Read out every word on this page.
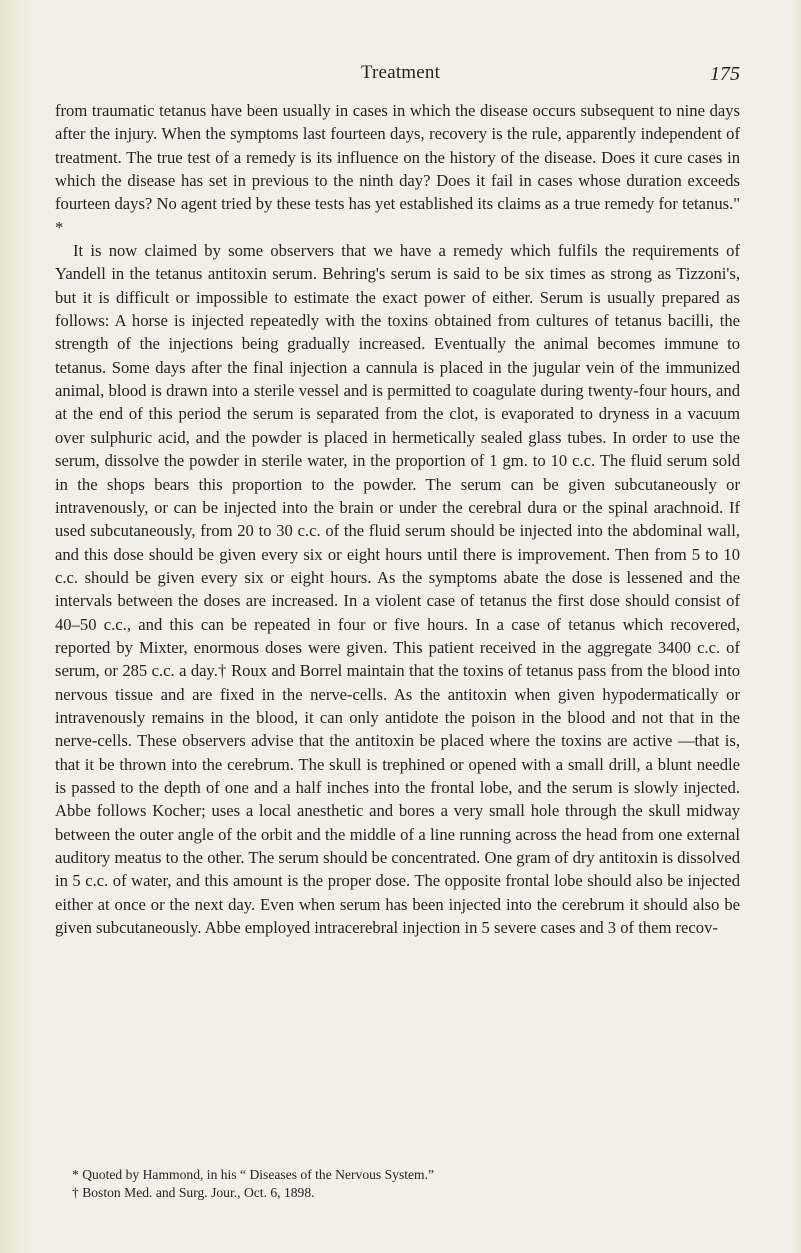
Treatment	175

from traumatic tetanus have been usually in cases in which the disease occurs subsequent to nine days after the injury. When the symptoms last fourteen days, recovery is the rule, apparently independent of treatment. The true test of a remedy is its influence on the history of the disease. Does it cure cases in which the disease has set in previous to the ninth day? Does it fail in cases whose duration exceeds fourteen days? No agent tried by these tests has yet established its claims as a true remedy for tetanus." *

It is now claimed by some observers that we have a remedy which fulfils the requirements of Yandell in the tetanus antitoxin serum. Behring's serum is said to be six times as strong as Tizzoni's, but it is difficult or impossible to estimate the exact power of either. Serum is usually prepared as follows: A horse is injected repeatedly with the toxins obtained from cultures of tetanus bacilli, the strength of the injections being gradually increased. Eventually the animal becomes immune to tetanus. Some days after the final injection a cannula is placed in the jugular vein of the immunized animal, blood is drawn into a sterile vessel and is permitted to coagulate during twenty-four hours, and at the end of this period the serum is separated from the clot, is evaporated to dryness in a vacuum over sulphuric acid, and the powder is placed in hermetically sealed glass tubes. In order to use the serum, dissolve the powder in sterile water, in the proportion of 1 gm. to 10 c.c. The fluid serum sold in the shops bears this proportion to the powder. The serum can be given subcutaneously or intravenously, or can be injected into the brain or under the cerebral dura or the spinal arachnoid. If used subcutaneously, from 20 to 30 c.c. of the fluid serum should be injected into the abdominal wall, and this dose should be given every six or eight hours until there is improvement. Then from 5 to 10 c.c. should be given every six or eight hours. As the symptoms abate the dose is lessened and the intervals between the doses are increased. In a violent case of tetanus the first dose should consist of 40–50 c.c., and this can be repeated in four or five hours. In a case of tetanus which recovered, reported by Mixter, enormous doses were given. This patient received in the aggregate 3400 c.c. of serum, or 285 c.c. a day.† Roux and Borrel maintain that the toxins of tetanus pass from the blood into nervous tissue and are fixed in the nerve-cells. As the antitoxin when given hypodermatically or intravenously remains in the blood, it can only antidote the poison in the blood and not that in the nerve-cells. These observers advise that the antitoxin be placed where the toxins are active —that is, that it be thrown into the cerebrum. The skull is trephined or opened with a small drill, a blunt needle is passed to the depth of one and a half inches into the frontal lobe, and the serum is slowly injected. Abbe follows Kocher; uses a local anesthetic and bores a very small hole through the skull midway between the outer angle of the orbit and the middle of a line running across the head from one external auditory meatus to the other. The serum should be concentrated. One gram of dry antitoxin is dissolved in 5 c.c. of water, and this amount is the proper dose. The opposite frontal lobe should also be injected either at once or the next day. Even when serum has been injected into the cerebrum it should also be given subcutaneously. Abbe employed intracerebral injection in 5 severe cases and 3 of them recov-

* Quoted by Hammond, in his “ Diseases of the Nervous System.”
† Boston Med. and Surg. Jour., Oct. 6, 1898.
